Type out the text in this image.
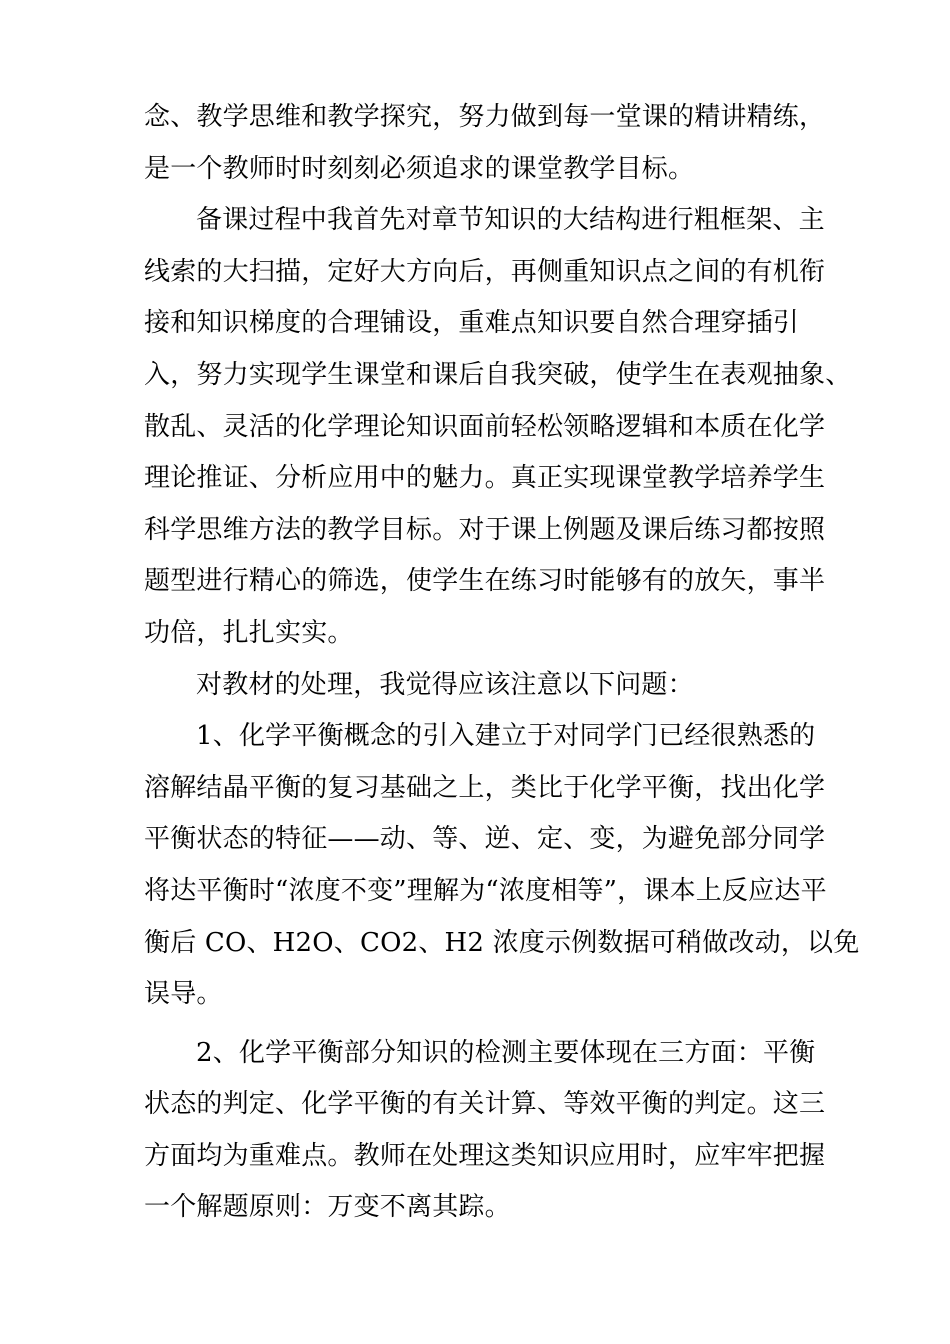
念、教学思维和教学探究，努力做到每一堂课的精讲精练，
是一个教师时时刻刻必须追求的课堂教学目标。
备课过程中我首先对章节知识的大结构进行粗框架、主
线索的大扫描，定好大方向后，再侧重知识点之间的有机衔
接和知识梯度的合理铺设，重难点知识要自然合理穿插引
入，努力实现学生课堂和课后自我突破，使学生在表观抽象、
散乱、灵活的化学理论知识面前轻松领略逻辑和本质在化学
理论推证、分析应用中的魅力。真正实现课堂教学培养学生
科学思维方法的教学目标。对于课上例题及课后练习都按照
题型进行精心的筛选，使学生在练习时能够有的放矢，事半
功倍，扎扎实实。
对教材的处理，我觉得应该注意以下问题：
1、化学平衡概念的引入建立于对同学门已经很熟悉的
溶解结晶平衡的复习基础之上，类比于化学平衡，找出化学
平衡状态的特征——动、等、逆、定、变，为避免部分同学
将达平衡时“浓度不变”理解为“浓度相等”，课本上反应达平
衡后 CO、H2O、CO2、H2 浓度示例数据可稍做改动，以免
误导。
2、化学平衡部分知识的检测主要体现在三方面：平衡
状态的判定、化学平衡的有关计算、等效平衡的判定。这三
方面均为重难点。教师在处理这类知识应用时，应牢牢把握
一个解题原则：万变不离其踪。
